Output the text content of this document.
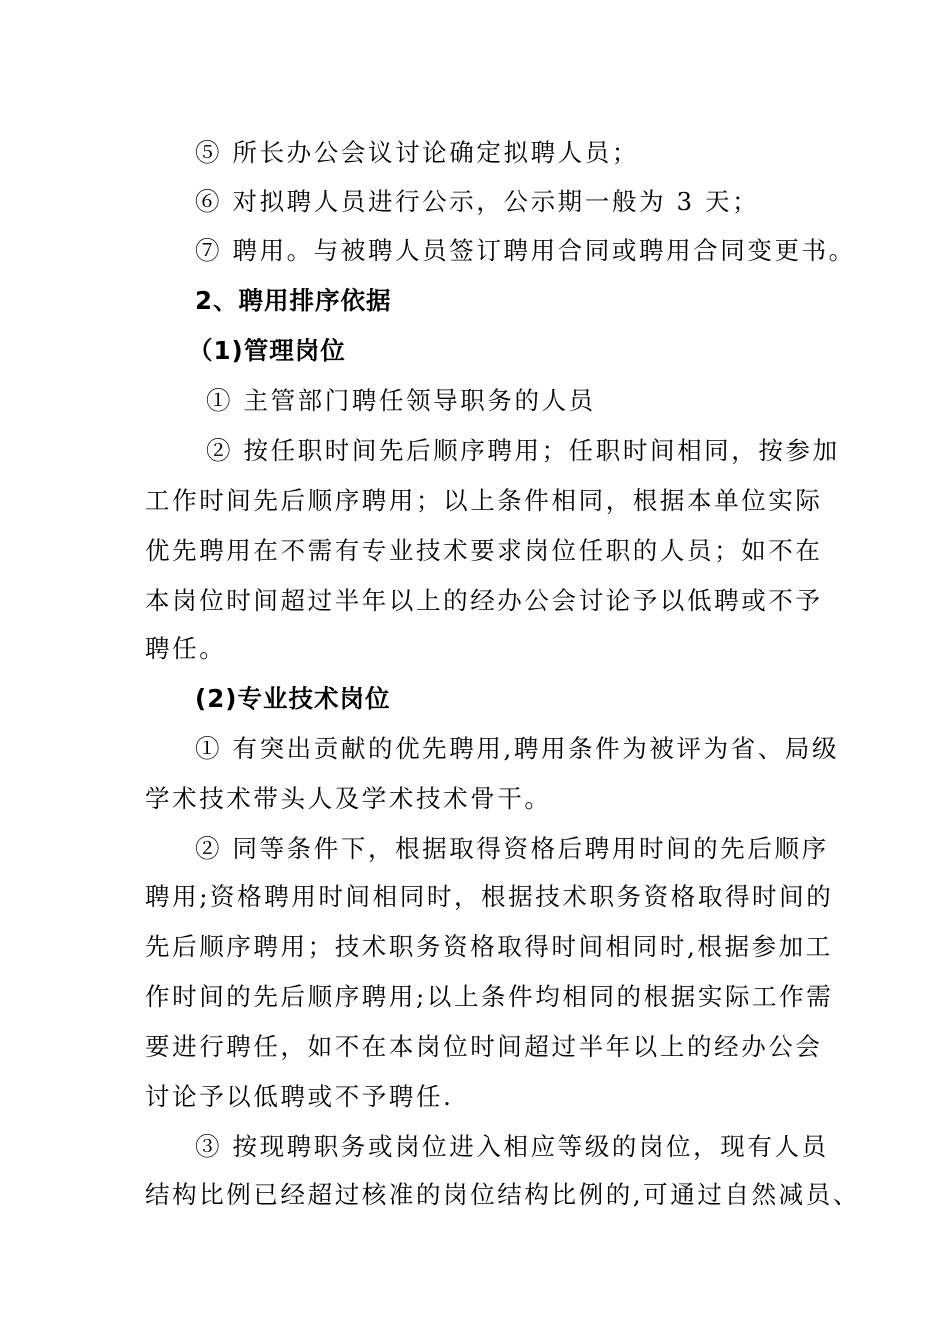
⑤ 所长办公会议讨论确定拟聘人员；
⑥ 对拟聘人员进行公示，公示期一般为 3 天；
⑦ 聘用。与被聘人员签订聘用合同或聘用合同变更书。
2、聘用排序依据
（1)管理岗位
① 主管部门聘任领导职务的人员
② 按任职时间先后顺序聘用；任职时间相同，按参加
工作时间先后顺序聘用；以上条件相同，根据本单位实际
优先聘用在不需有专业技术要求岗位任职的人员；如不在
本岗位时间超过半年以上的经办公会讨论予以低聘或不予
聘任。
(2)专业技术岗位
① 有突出贡献的优先聘用,聘用条件为被评为省、局级
学术技术带头人及学术技术骨干。
② 同等条件下，根据取得资格后聘用时间的先后顺序
聘用;资格聘用时间相同时，根据技术职务资格取得时间的
先后顺序聘用；技术职务资格取得时间相同时,根据参加工
作时间的先后顺序聘用;以上条件均相同的根据实际工作需
要进行聘任，如不在本岗位时间超过半年以上的经办公会
讨论予以低聘或不予聘任.
③ 按现聘职务或岗位进入相应等级的岗位，现有人员
结构比例已经超过核准的岗位结构比例的,可通过自然减员、
